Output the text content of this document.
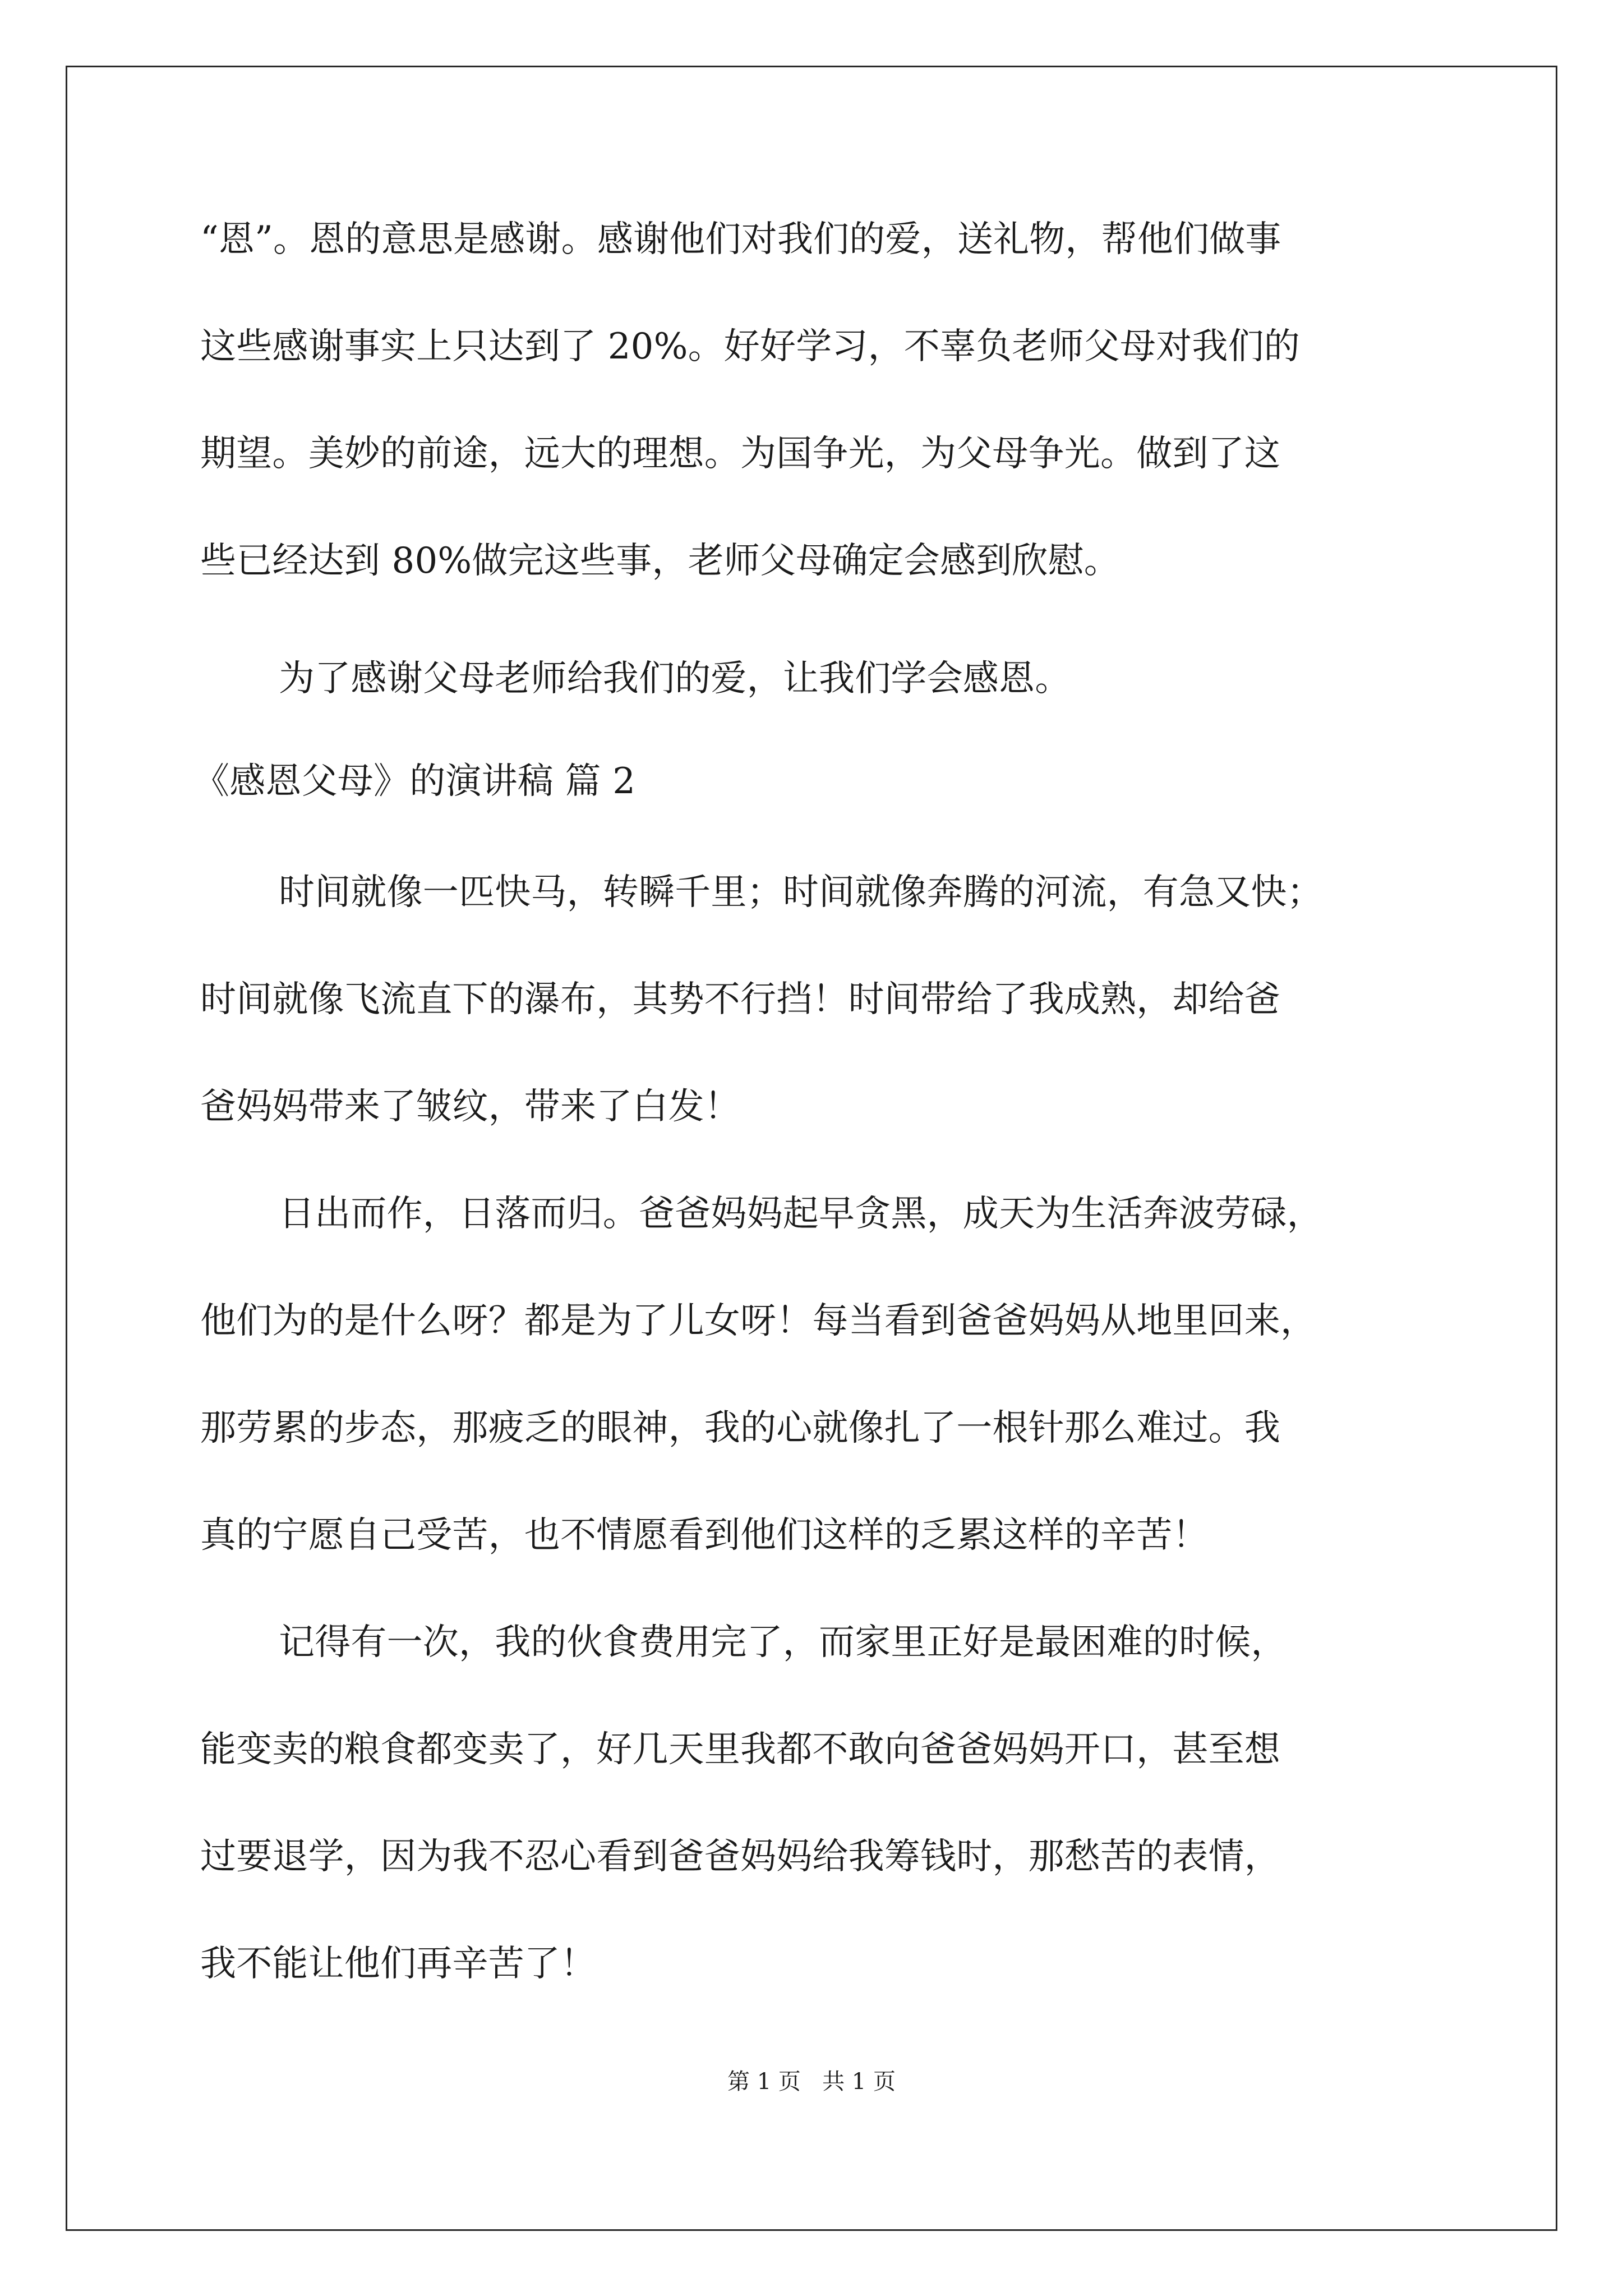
“恩”。恩的意思是感谢。感谢他们对我们的爱，送礼物，帮他们做事
这些感谢事实上只达到了 20%。好好学习，不辜负老师父母对我们的
期望。美妙的前途，远大的理想。为国争光，为父母争光。做到了这
些已经达到 80%做完这些事，老师父母确定会感到欣慰。
为了感谢父母老师给我们的爱，让我们学会感恩。
《感恩父母》的演讲稿 篇 2
时间就像一匹快马，转瞬千里；时间就像奔腾的河流，有急又快；
时间就像飞流直下的瀑布，其势不行挡！时间带给了我成熟，却给爸
爸妈妈带来了皱纹，带来了白发！
日出而作，日落而归。爸爸妈妈起早贪黑，成天为生活奔波劳碌，
他们为的是什么呀？都是为了儿女呀！每当看到爸爸妈妈从地里回来，
那劳累的步态，那疲乏的眼神，我的心就像扎了一根针那么难过。我
真的宁愿自己受苦，也不情愿看到他们这样的乏累这样的辛苦！
记得有一次，我的伙食费用完了，而家里正好是最困难的时候，
能变卖的粮食都变卖了，好几天里我都不敢向爸爸妈妈开口，甚至想
过要退学，因为我不忍心看到爸爸妈妈给我筹钱时，那愁苦的表情，
我不能让他们再辛苦了！
第 1 页   共 1 页
